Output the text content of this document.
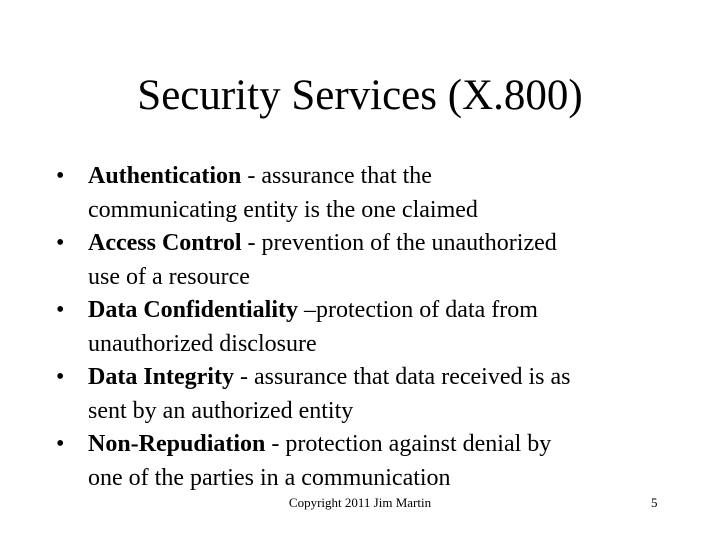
Security Services (X.800)
• Authentication - assurance that the
communicating entity is the one claimed
• Access Control - prevention of the unauthorized
use of a resource
• Data Confidentiality –protection of data from
unauthorized disclosure
• Data Integrity - assurance that data received is as
sent by an authorized entity
• Non-Repudiation - protection against denial by
one of the parties in a communication
Copyright 2011 Jim Martin	5
